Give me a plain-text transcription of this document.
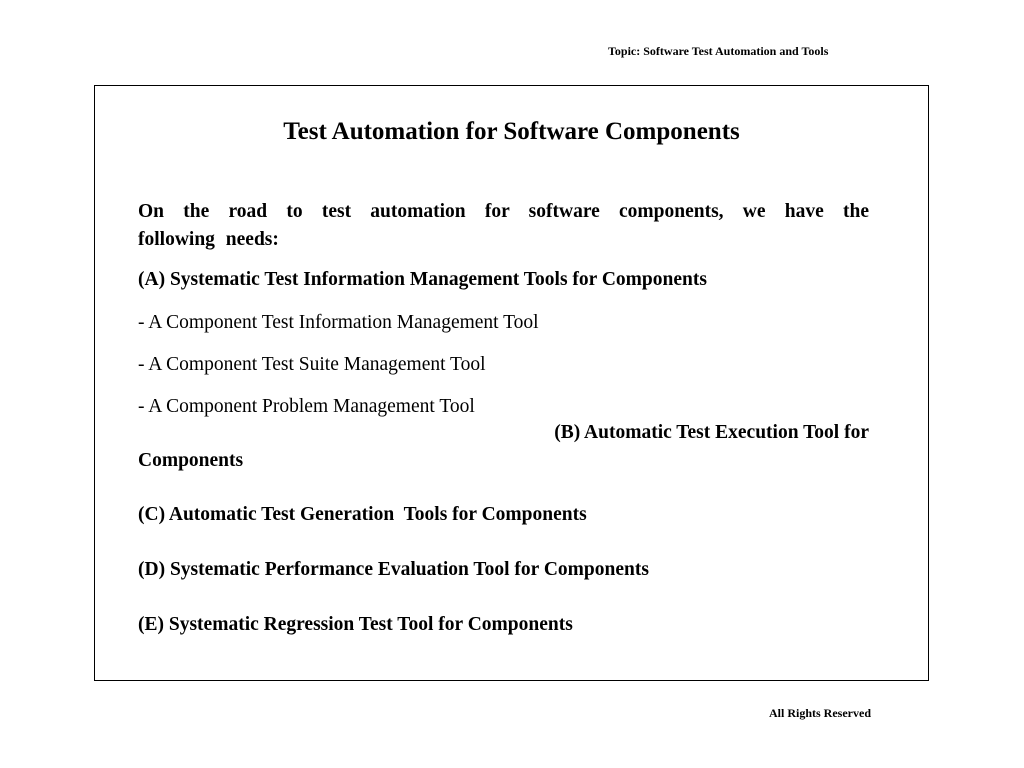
Topic: Software Test Automation and Tools
Test Automation for Software Components
On the road to test automation for software components, we have the
following needs:
(A) Systematic Test Information Management Tools for Components
- A Component Test Information Management Tool
- A Component Test Suite Management Tool
- A Component Problem Management Tool
(B) Automatic Test Execution Tool for
Components
(C) Automatic Test Generation  Tools for Components
(D) Systematic Performance Evaluation Tool for Components
(E) Systematic Regression Test Tool for Components
All Rights Reserved
